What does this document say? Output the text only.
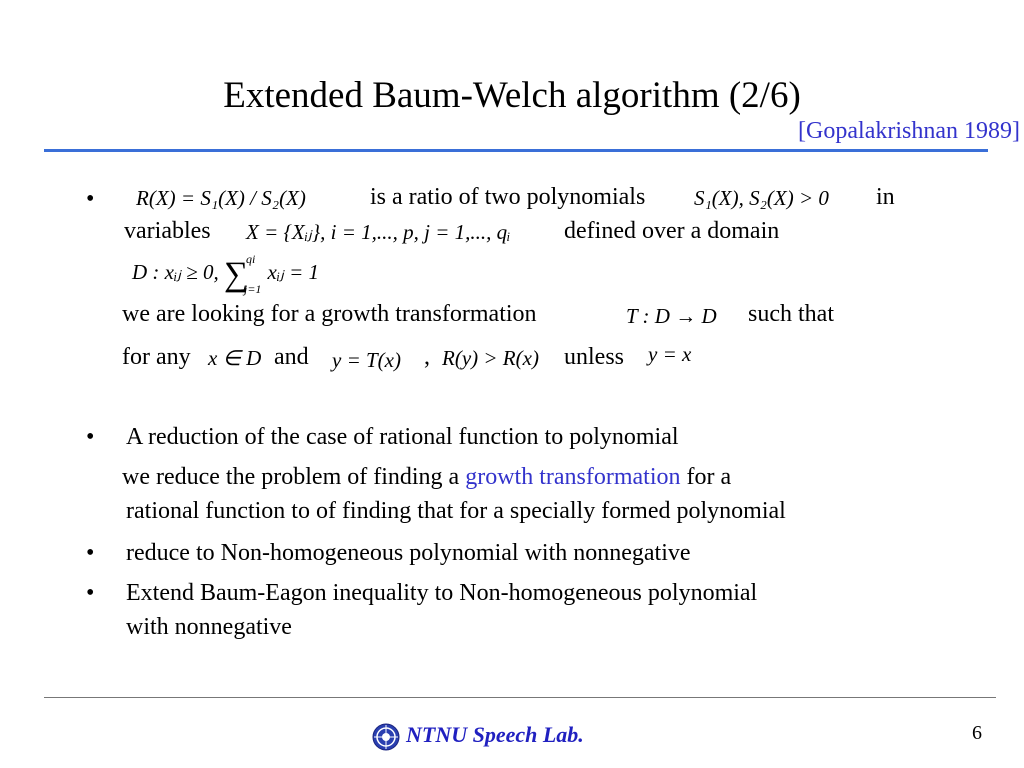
Extended Baum-Welch algorithm (2/6)
[Gopalakrishnan 1989]
• R(X) = S₁(X) / S₂(X)	is a ratio of two polynomials S₁(X), S₂(X) > 0 in
variables X = {Xᵢⱼ}, i = 1,..., p, j = 1,..., qᵢ defined over a domain
D : xᵢⱼ ≥ 0, ∑
qi
j=1
xᵢⱼ = 1
we are looking for a growth transformation	T : D → D such that
for any x ∈ D and y = T(x) , R(y) > R(x) unless y = x
• A reduction of the case of rational function to polynomial
we reduce the problem of finding a growth transformation for a
rational function to of finding that for a specially formed polynomial
• reduce to Non-homogeneous polynomial with nonnegative
• Extend Baum-Eagon inequality to Non-homogeneous polynomial
with nonnegative
NTNU Speech Lab.	6
